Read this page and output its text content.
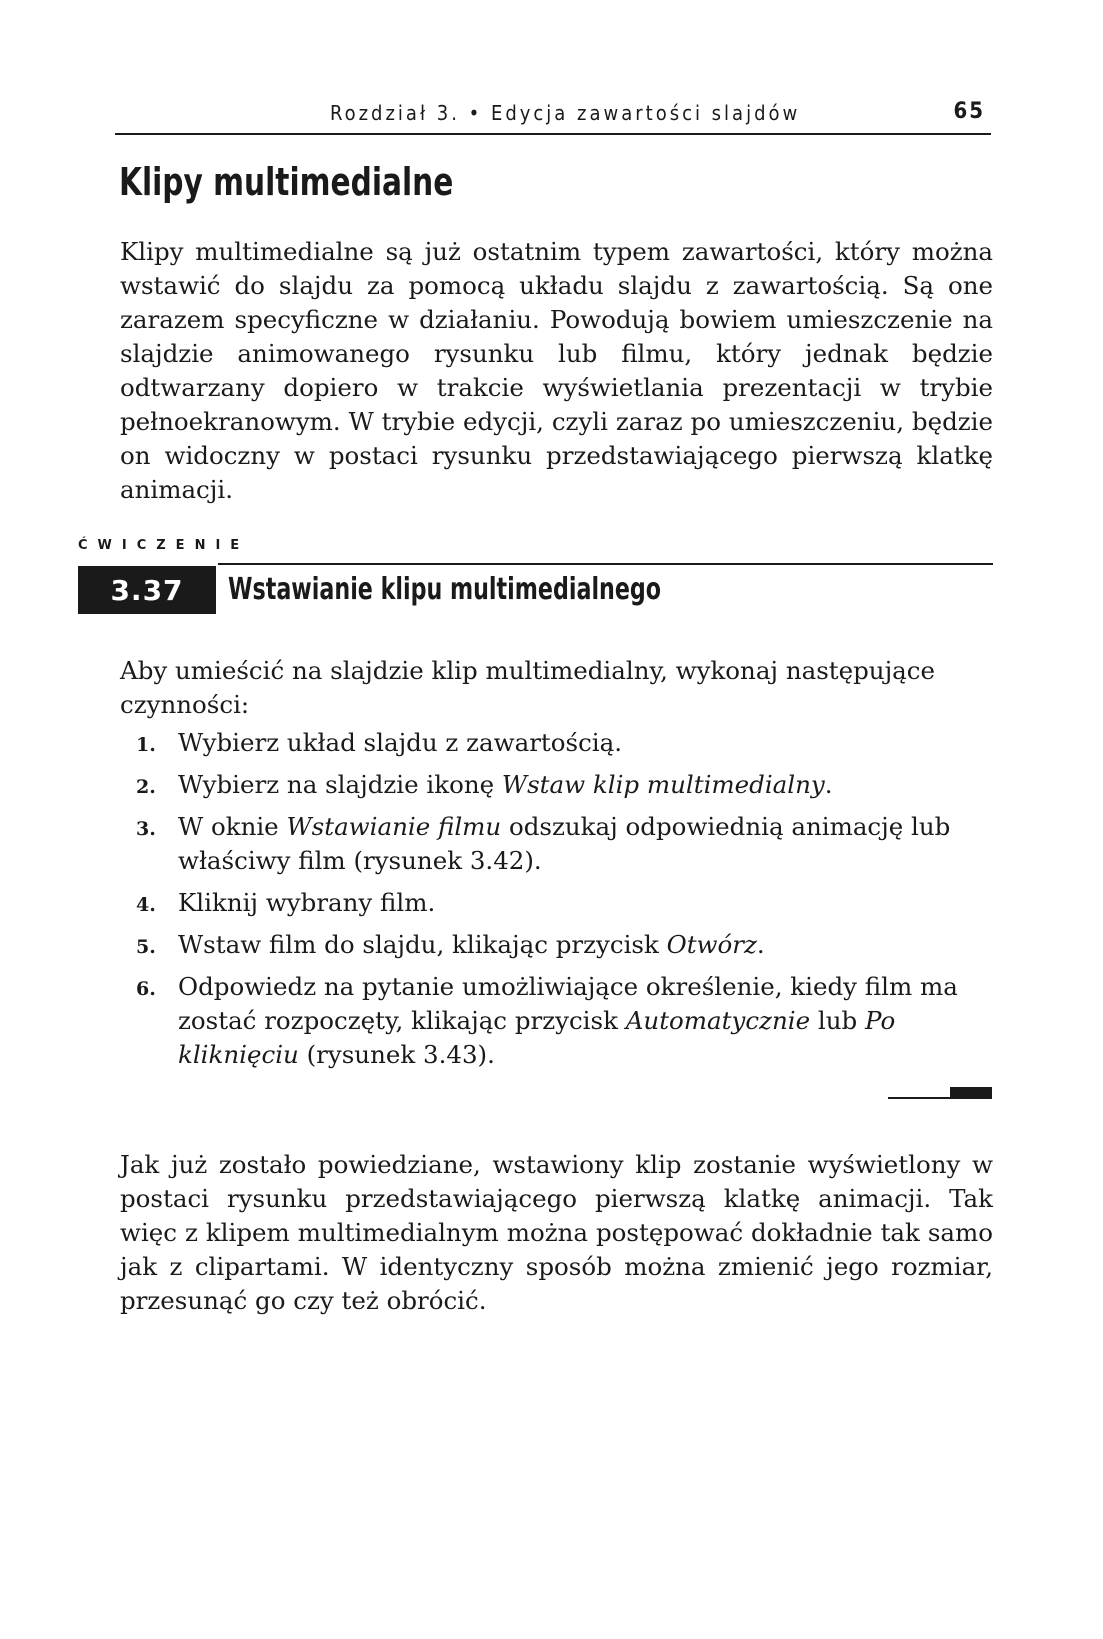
Rozdział 3. • Edycja zawartości slajdów	65
Klipy multimedialne

Klipy multimedialne są już ostatnim typem zawartości, który można wstawić do slajdu za pomocą układu slajdu z zawartością. Są one zarazem specyficzne w działaniu. Powodują bowiem umieszczenie na slajdzie animowanego rysunku lub filmu, który jednak będzie odtwarzany dopiero w trakcie wyświetlania prezentacji w trybie pełnoekranowym. W trybie edycji, czyli zaraz po umieszczeniu, będzie on widoczny w postaci rysunku przedstawiającego pierwszą klatkę animacji.

ĆWICZENIE
3.37	Wstawianie klipu multimedialnego

Aby umieścić na slajdzie klip multimedialny, wykonaj następujące czynności:

1. Wybierz układ slajdu z zawartością.
2. Wybierz na slajdzie ikonę Wstaw klip multimedialny.
3. W oknie Wstawianie filmu odszukaj odpowiednią animację lub właściwy film (rysunek 3.42).
4. Kliknij wybrany film.
5. Wstaw film do slajdu, klikając przycisk Otwórz.
6. Odpowiedz na pytanie umożliwiające określenie, kiedy film ma zostać rozpoczęty, klikając przycisk Automatycznie lub Po kliknięciu (rysunek 3.43).

Jak już zostało powiedziane, wstawiony klip zostanie wyświetlony w postaci rysunku przedstawiającego pierwszą klatkę animacji. Tak więc z klipem multimedialnym można postępować dokładnie tak samo jak z clipartami. W identyczny sposób można zmienić jego rozmiar, przesunąć go czy też obrócić.
